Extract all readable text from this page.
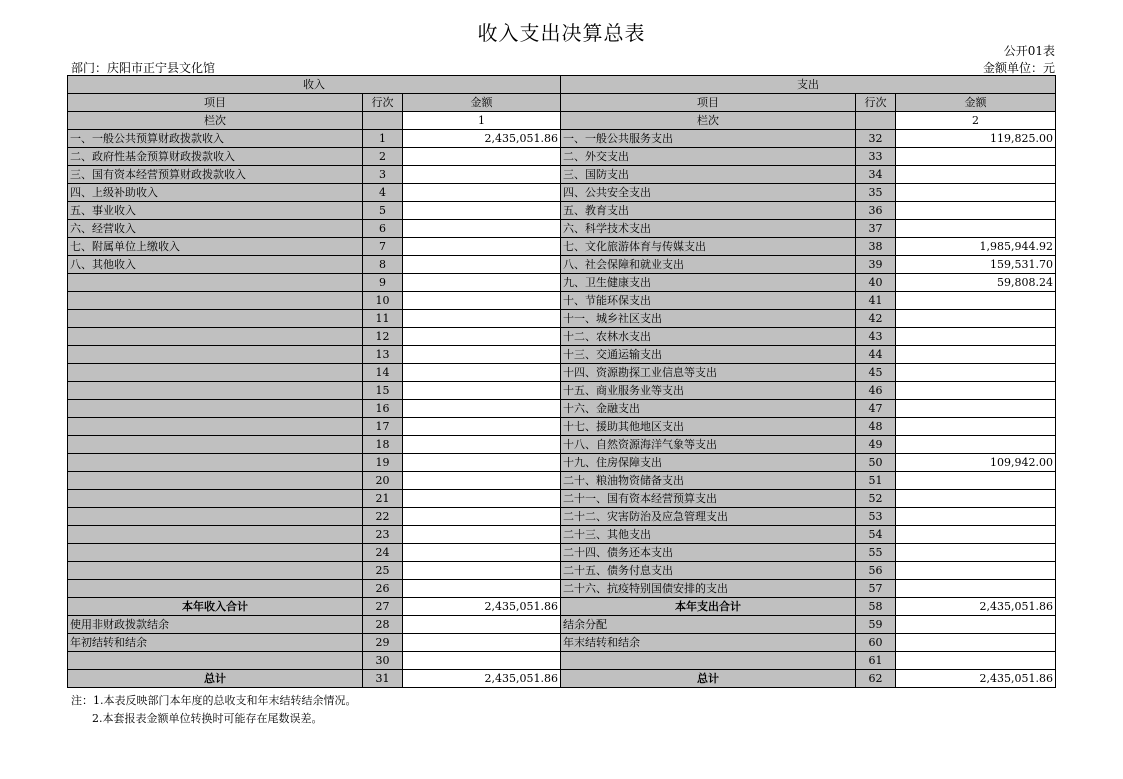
收入支出决算总表
公开01表
部门：庆阳市正宁县文化馆	金额单位：元
收入			支出		
项目	行次	金额	项目	行次	金额
栏次		1	栏次		2
一、一般公共预算财政拨款收入	1	2,435,051.86	一、一般公共服务支出	32	119,825.00
二、政府性基金预算财政拨款收入	2		二、外交支出	33	
三、国有资本经营预算财政拨款收入	3		三、国防支出	34	
四、上级补助收入	4		四、公共安全支出	35	
五、事业收入	5		五、教育支出	36	
六、经营收入	6		六、科学技术支出	37	
七、附属单位上缴收入	7		七、文化旅游体育与传媒支出	38	1,985,944.92
八、其他收入	8		八、社会保障和就业支出	39	159,531.70
	9		九、卫生健康支出	40	59,808.24
	10		十、节能环保支出	41	
	11		十一、城乡社区支出	42	
	12		十二、农林水支出	43	
	13		十三、交通运输支出	44	
	14		十四、资源勘探工业信息等支出	45	
	15		十五、商业服务业等支出	46	
	16		十六、金融支出	47	
	17		十七、援助其他地区支出	48	
	18		十八、自然资源海洋气象等支出	49	
	19		十九、住房保障支出	50	109,942.00
	20		二十、粮油物资储备支出	51	
	21		二十一、国有资本经营预算支出	52	
	22		二十二、灾害防治及应急管理支出	53	
	23		二十三、其他支出	54	
	24		二十四、债务还本支出	55	
	25		二十五、债务付息支出	56	
	26		二十六、抗疫特别国债安排的支出	57	
本年收入合计	27	2,435,051.86	本年支出合计	58	2,435,051.86
使用非财政拨款结余	28		结余分配	59	
年初结转和结余	29		年末结转和结余	60	
	30			61	
总计	31	2,435,051.86	总计	62	2,435,051.86
注：1.本表反映部门本年度的总收支和年末结转结余情况。
2.本套报表金额单位转换时可能存在尾数误差。
